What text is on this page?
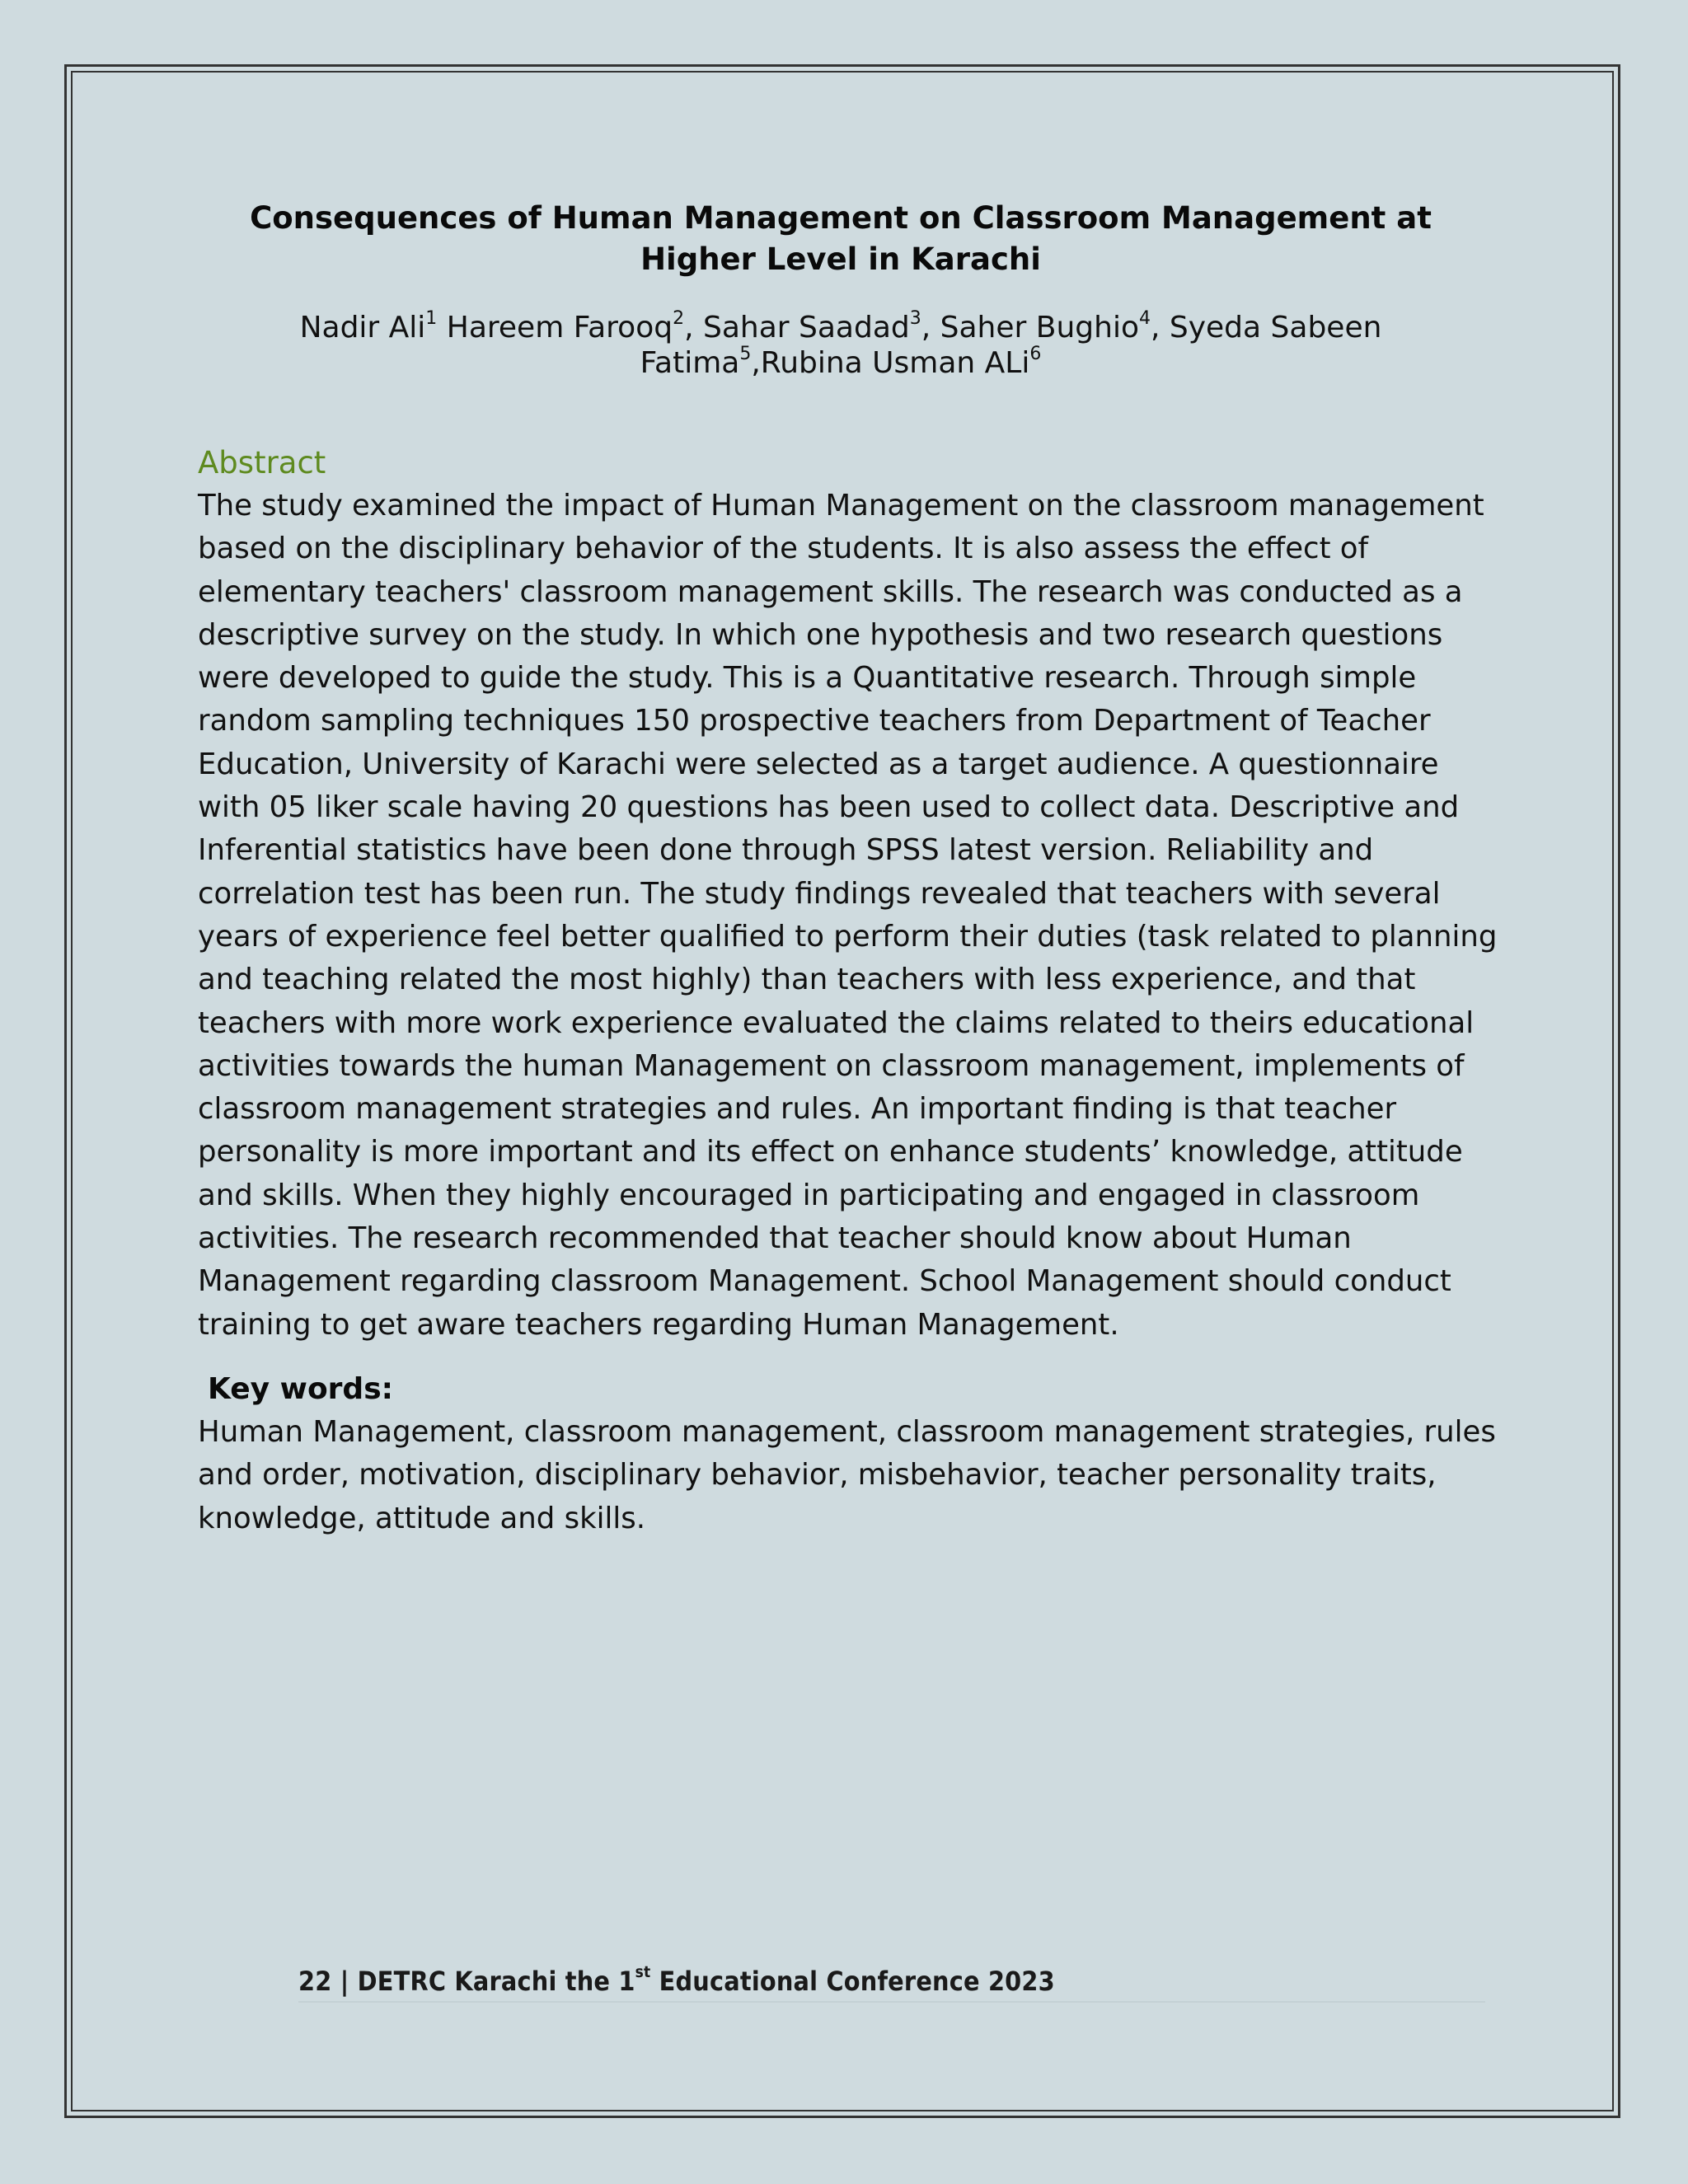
Consequences of Human Management on Classroom Management at Higher Level in Karachi
Nadir Ali$^1$ Hareem Farooq$^2$, Sahar Saadad$^3$, Saher Bughio$^4$, Syeda Sabeen Fatima$^5$,Rubina Usman ALi$^6$
Abstract

The study examined the impact of Human Management on the classroom management based on the disciplinary behavior of the students. It is also assess the effect of elementary teachers' classroom management skills. The research was conducted as a descriptive survey on the study. In which one hypothesis and two research questions were developed to guide the study. This is a Quantitative research. Through simple random sampling techniques 150 prospective teachers from Department of Teacher Education, University of Karachi were selected as a target audience. A questionnaire with 05 liker scale having 20 questions has been used to collect data. Descriptive and Inferential statistics have been done through SPSS latest version. Reliability and correlation test has been run. The study findings revealed that teachers with several years of experience feel better qualified to perform their duties (task related to planning and teaching related the most highly) than teachers with less experience, and that teachers with more work experience evaluated the claims related to theirs educational activities towards the human Management on classroom management, implements of classroom management strategies and rules. An important finding is that teacher personality is more important and its effect on enhance students’ knowledge, attitude and skills. When they highly encouraged in participating and engaged in classroom activities. The research recommended that teacher should know about Human Management regarding classroom Management. School Management should conduct training to get aware teachers regarding Human Management.

Key words:

Human Management, classroom management, classroom management strategies, rules and order, motivation, disciplinary behavior, misbehavior, teacher personality traits, knowledge, attitude and skills.

22 | DETRC Karachi the 1st Educational Conference 2023
